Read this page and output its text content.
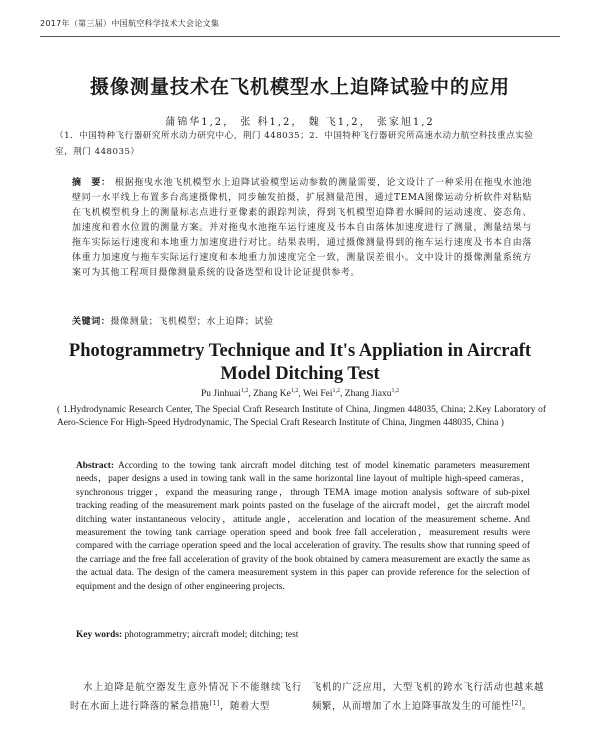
2017年（第三届）中国航空科学技术大会论文集
摄像测量技术在飞机模型水上迫降试验中的应用
蒲锦华1,2， 张 科1,2， 魏 飞1,2， 张家旭1,2
（1．中国特种飞行器研究所水动力研究中心，荆门 448035；2．中国特种飞行器研究所高速水动力航空科技重点实验室，荆门 448035）
摘　要： 根据拖曳水池飞机模型水上迫降试验模型运动参数的测量需要，论文设计了一种采用在拖曳水池池壁同一水平线上布置多台高速摄像机，同步触发拍摄，扩展测量范围，通过TEMA图像运动分析软件对粘贴在飞机模型机身上的测量标志点进行亚像素的跟踪判读，得到飞机模型迫降着水瞬间的运动速度、姿态角、加速度和着水位置的测量方案。并对拖曳水池拖车运行速度及书本自由落体加速度进行了测量，测量结果与拖车实际运行速度和本地重力加速度进行对比。结果表明，通过摄像测量得到的拖车运行速度及书本自由落体重力加速度与拖车实际运行速度和本地重力加速度完全一致，测量误差很小。文中设计的摄像测量系统方案可为其他工程项目摄像测量系统的设备选型和设计论证提供参考。
关键词：摄像测量；飞机模型；水上迫降；试验
Photogrammetry Technique and It's Appliation in Aircraft Model Ditching Test
Pu Jinhuai$^{1,2}$, Zhang Ke$^{1,2}$, Wei Fei$^{1,2}$, Zhang Jiaxu$^{1,2}$
( 1.Hydrodynamic Research Center, The Special Craft Research Institute of China, Jingmen 448035, China; 2.Key Laboratory of Aero-Science For High-Speed Hydrodynamic, The Special Craft Research Institute of China, Jingmen 448035, China )
Abstract: According to the towing tank aircraft model ditching test of model kinematic parameters measurement needs，paper designs a used in towing tank wall in the same horizontal line layout of multiple high-speed cameras，synchronous trigger，expand the measuring range，through TEMA image motion analysis software of sub-pixel tracking reading of the measurement mark points pasted on the fuselage of the aircraft model，get the aircraft model ditching water instantaneous velocity，attitude angle，acceleration and location of the measurement scheme. And measurement the towing tank carriage operation speed and book free fall acceleration，measurement results were compared with the carriage operation speed and the local acceleration of gravity. The results show that running speed of the carriage and the free fall acceleration of gravity of the book obtained by camera measurement are exactly the same as the actual data. The design of the camera measurement system in this paper can provide reference for the selection of equipment and the design of other engineering projects.
Key words: photogrammetry; aircraft model; ditching; test
水上迫降是航空器发生意外情况下不能继续飞行时在水面上进行降落的紧急措施[1]，随着大型
飞机的广泛应用，大型飞机的跨水飞行活动也越来越频繁，从而增加了水上迫降事故发生的可能性[2]。
